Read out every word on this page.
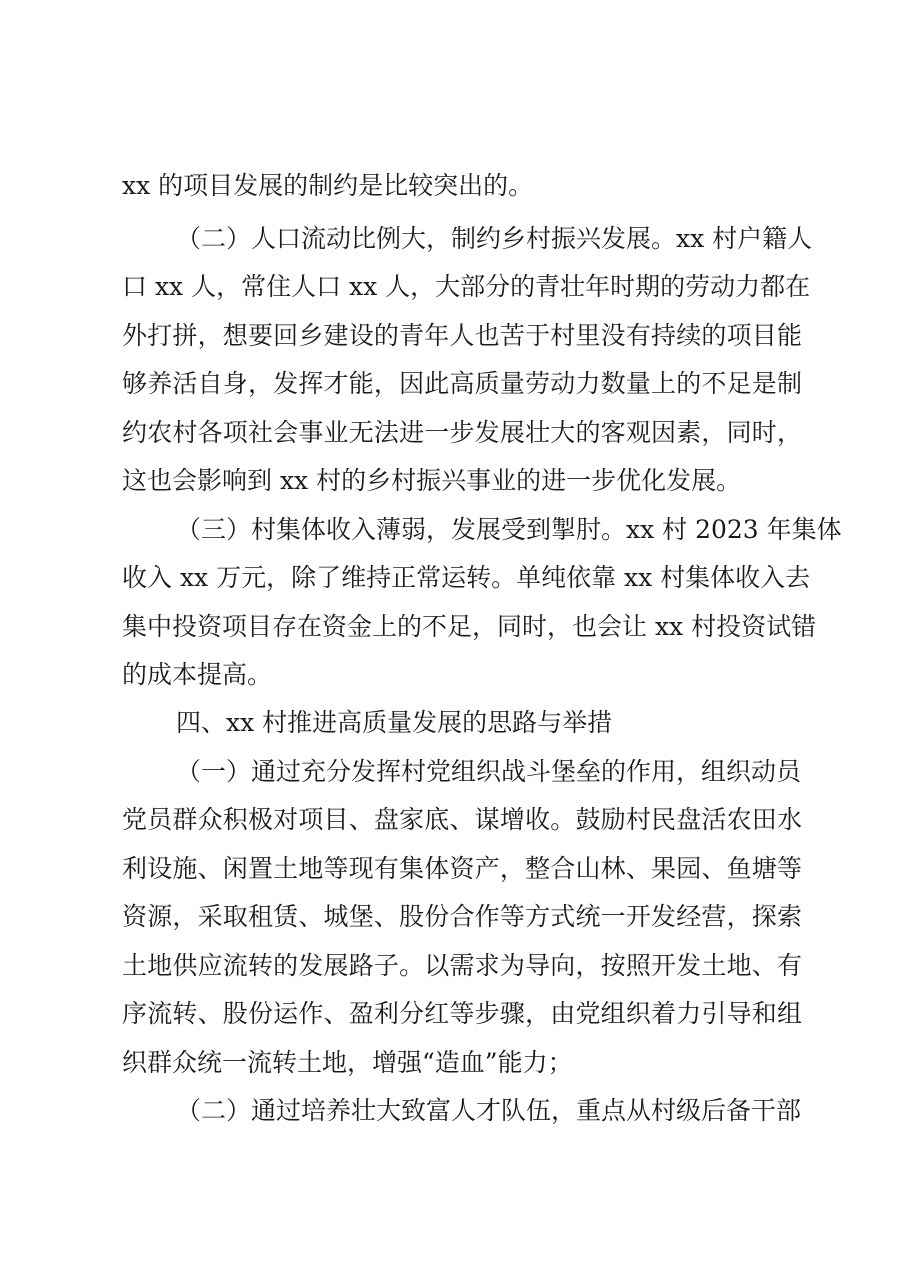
xx 的项目发展的制约是比较突出的。
（二）人口流动比例大，制约乡村振兴发展。xx 村户籍人
口 xx 人，常住人口 xx 人，大部分的青壮年时期的劳动力都在
外打拼，想要回乡建设的青年人也苦于村里没有持续的项目能
够养活自身，发挥才能，因此高质量劳动力数量上的不足是制
约农村各项社会事业无法进一步发展壮大的客观因素，同时，
这也会影响到 xx 村的乡村振兴事业的进一步优化发展。
（三）村集体收入薄弱，发展受到掣肘。xx 村 2023 年集体
收入 xx 万元，除了维持正常运转。单纯依靠 xx 村集体收入去
集中投资项目存在资金上的不足，同时，也会让 xx 村投资试错
的成本提高。
四、xx 村推进高质量发展的思路与举措
（一）通过充分发挥村党组织战斗堡垒的作用，组织动员
党员群众积极对项目、盘家底、谋增收。鼓励村民盘活农田水
利设施、闲置土地等现有集体资产，整合山林、果园、鱼塘等
资源，采取租赁、城堡、股份合作等方式统一开发经营，探索
土地供应流转的发展路子。以需求为导向，按照开发土地、有
序流转、股份运作、盈利分红等步骤，由党组织着力引导和组
织群众统一流转土地，增强“造血”能力；
（二）通过培养壮大致富人才队伍，重点从村级后备干部
